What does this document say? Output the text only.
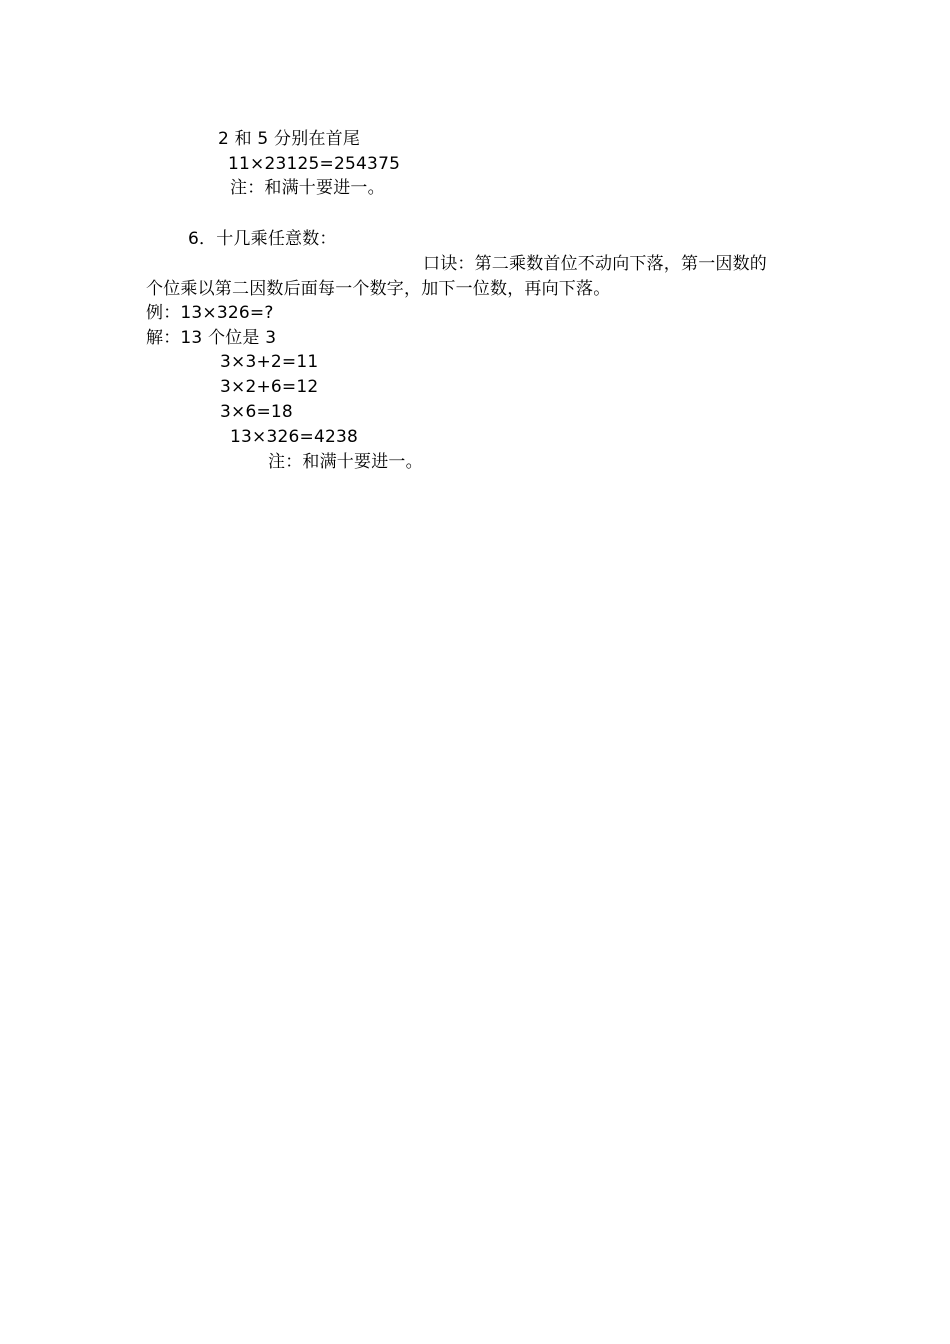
2 和 5 分别在首尾
11×23125=254375
注：和满十要进一。
6．十几乘任意数：
口诀：第二乘数首位不动向下落，第一因数的
个位乘以第二因数后面每一个数字，加下一位数，再向下落。
例：13×326=?
解：13 个位是 3
3×3+2=11
3×2+6=12
3×6=18
13×326=4238
注：和满十要进一。
